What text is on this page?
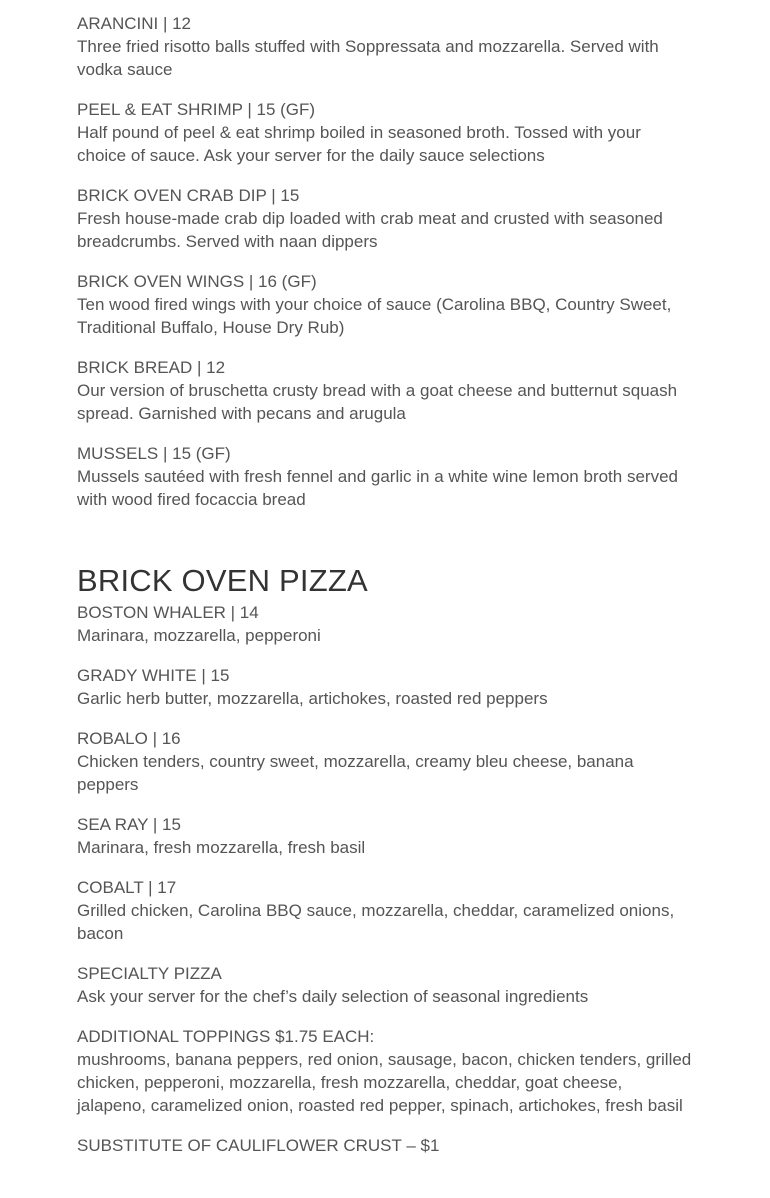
ARANCINI | 12
Three fried risotto balls stuffed with Soppressata and mozzarella. Served with vodka sauce
PEEL & EAT SHRIMP | 15 (GF)
Half pound of peel & eat shrimp boiled in seasoned broth. Tossed with your choice of sauce. Ask your server for the daily sauce selections
BRICK OVEN CRAB DIP | 15
Fresh house-made crab dip loaded with crab meat and crusted with seasoned breadcrumbs. Served with naan dippers
BRICK OVEN WINGS | 16 (GF)
Ten wood fired wings with your choice of sauce (Carolina BBQ, Country Sweet, Traditional Buffalo, House Dry Rub)
BRICK BREAD | 12
Our version of bruschetta crusty bread with a goat cheese and butternut squash spread. Garnished with pecans and arugula
MUSSELS | 15 (GF)
Mussels sautéed with fresh fennel and garlic in a white wine lemon broth served with wood fired focaccia bread
BRICK OVEN PIZZA
BOSTON WHALER | 14
Marinara, mozzarella, pepperoni
GRADY WHITE | 15
Garlic herb butter, mozzarella, artichokes, roasted red peppers
ROBALO | 16
Chicken tenders, country sweet, mozzarella, creamy bleu cheese, banana peppers
SEA RAY | 15
Marinara, fresh mozzarella, fresh basil
COBALT | 17
Grilled chicken, Carolina BBQ sauce, mozzarella, cheddar, caramelized onions, bacon
SPECIALTY PIZZA
Ask your server for the chef’s daily selection of seasonal ingredients
ADDITIONAL TOPPINGS $1.75 EACH:
mushrooms, banana peppers, red onion, sausage, bacon, chicken tenders, grilled chicken, pepperoni, mozzarella, fresh mozzarella, cheddar, goat cheese, jalapeno, caramelized onion, roasted red pepper, spinach, artichokes, fresh basil
SUBSTITUTE OF CAULIFLOWER CRUST – $1
